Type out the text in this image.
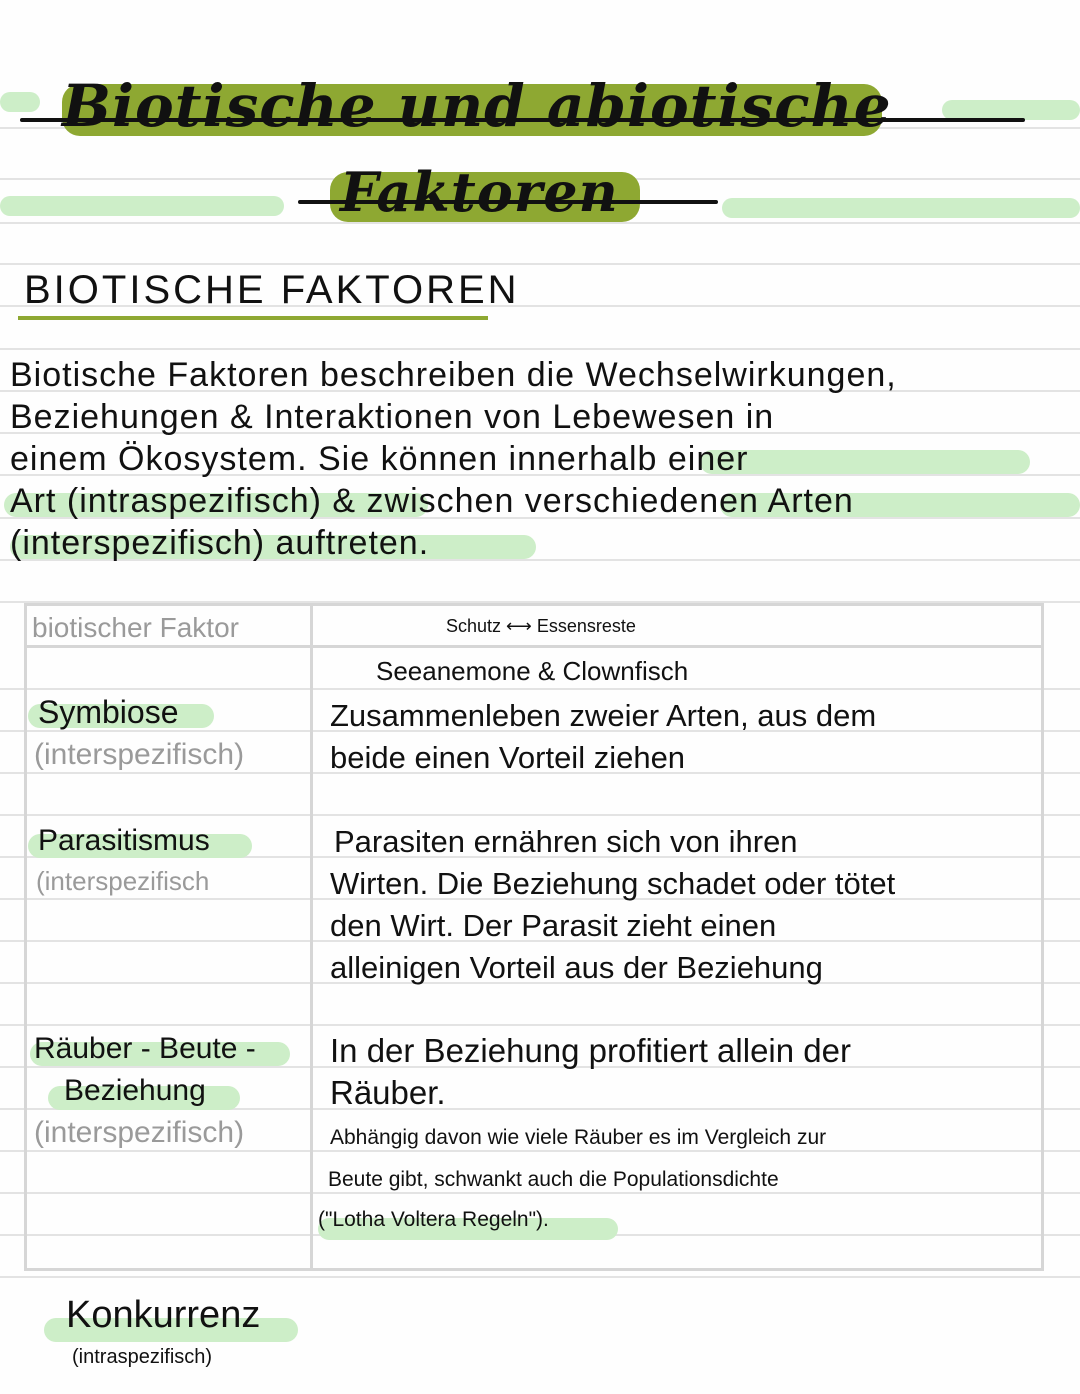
Biotische und abiotische
Faktoren
BIOTISCHE FAKTOREN
Biotische Faktoren beschreiben die Wechselwirkungen,
Beziehungen & Interaktionen von Lebewesen in
einem Ökosystem. Sie können innerhalb einer
Art (intraspezifisch) & zwischen verschiedenen Arten
(interspezifisch) auftreten.
biotischer Faktor	Schutz ⟷ Essensreste
Symbiose
(interspezifisch)
Seeanemone & Clownfisch
Zusammenleben zweier Arten, aus dem
beide einen Vorteil ziehen
Parasitismus
(interspezifisch
Parasiten ernähren sich von ihren
Wirten. Die Beziehung schadet oder tötet
den Wirt. Der Parasit zieht einen
alleinigen Vorteil aus der Beziehung
Räuber - Beute -
Beziehung
(interspezifisch)
In der Beziehung profitiert allein der
Räuber.
Abhängig davon wie viele Räuber es im Vergleich zur
Beute gibt, schwankt auch die Populationsdichte
("Lotha Voltera Regeln").
Konkurrenz
(intraspezifisch)
